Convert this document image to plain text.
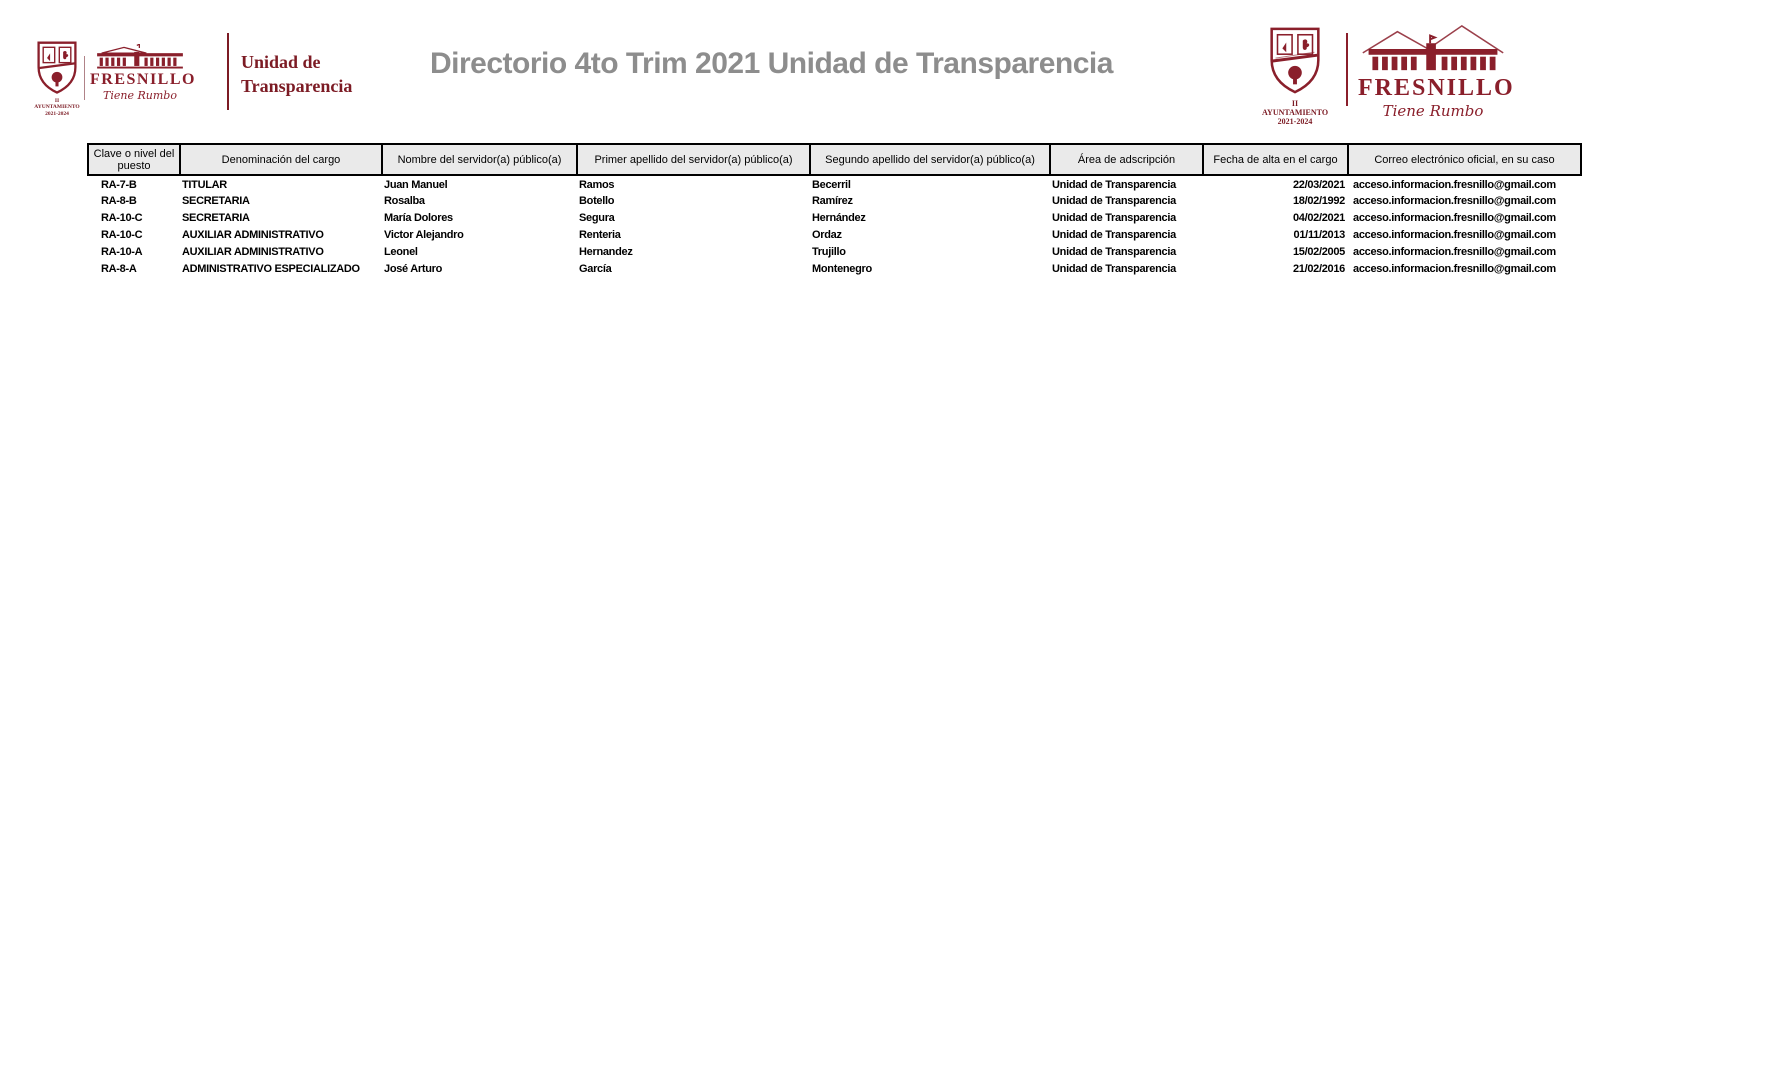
II AYUNTAMIENTO
2021-2024
FRESNILLO
Tiene Rumbo
Unidad de
Transparencia
Directorio 4to Trim 2021 Unidad de Transparencia
II AYUNTAMIENTO
2021-2024
FRESNILLO
Tiene Rumbo
Clave o nivel del puesto	Denominación del cargo	Nombre del servidor(a) público(a)	Primer apellido del servidor(a) público(a)	Segundo apellido del servidor(a) público(a)	Área de adscripción	Fecha de alta en el cargo	Correo electrónico oficial, en su caso
RA-7-B	TITULAR	Juan Manuel	Ramos	Becerril	Unidad de Transparencia	22/03/2021	acceso.informacion.fresnillo@gmail.com
RA-8-B	SECRETARIA	Rosalba	Botello	Ramírez	Unidad de Transparencia	18/02/1992	acceso.informacion.fresnillo@gmail.com
RA-10-C	SECRETARIA	María Dolores	Segura	Hernández	Unidad de Transparencia	04/02/2021	acceso.informacion.fresnillo@gmail.com
RA-10-C	AUXILIAR ADMINISTRATIVO	Victor Alejandro	Renteria	Ordaz	Unidad de Transparencia	01/11/2013	acceso.informacion.fresnillo@gmail.com
RA-10-A	AUXILIAR ADMINISTRATIVO	Leonel	Hernandez	Trujillo	Unidad de Transparencia	15/02/2005	acceso.informacion.fresnillo@gmail.com
RA-8-A	ADMINISTRATIVO ESPECIALIZADO	José Arturo	García	Montenegro	Unidad de Transparencia	21/02/2016	acceso.informacion.fresnillo@gmail.com
